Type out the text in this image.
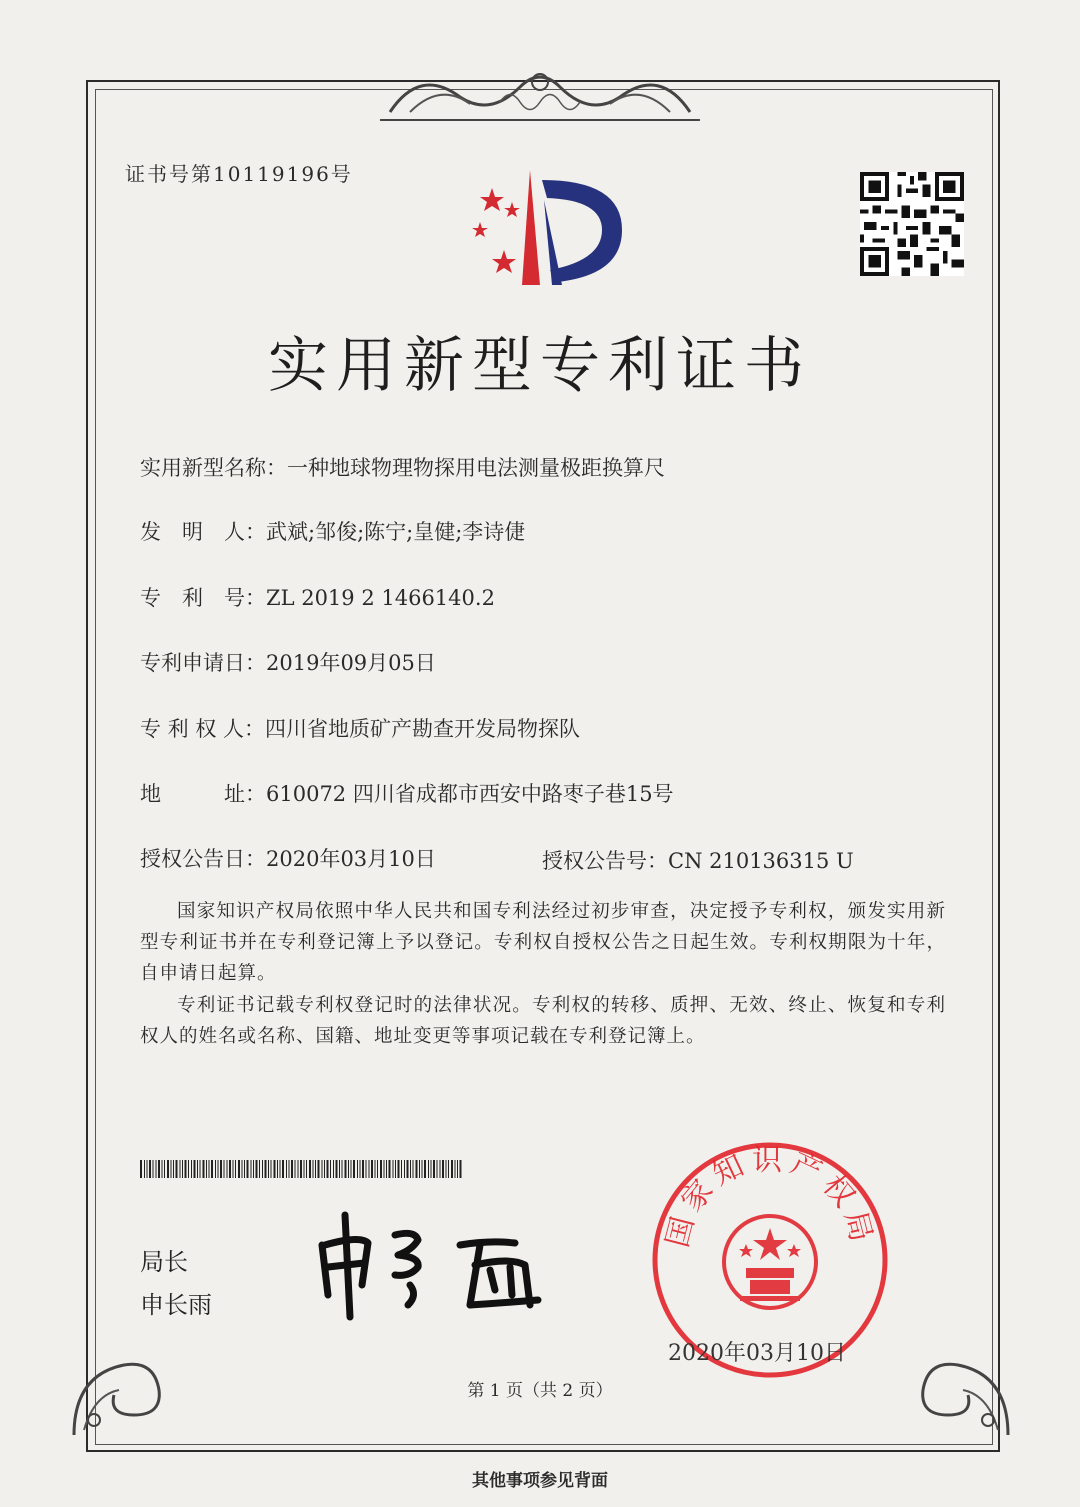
证书号第10119196号
实用新型专利证书
实用新型名称：一种地球物理物探用电法测量极距换算尺
发　明　人：武斌;邹俊;陈宁;皇健;李诗倢
专　利　号：ZL 2019 2 1466140.2
专利申请日：2019年09月05日
专 利 权 人：四川省地质矿产勘查开发局物探队
地　　　址：610072 四川省成都市西安中路枣子巷15号
授权公告日：2020年03月10日	授权公告号：CN 210136315 U
国家知识产权局依照中华人民共和国专利法经过初步审查，决定授予专利权，颁发实用新型专利证书并在专利登记簿上予以登记。专利权自授权公告之日起生效。专利权期限为十年，自申请日起算。
专利证书记载专利权登记时的法律状况。专利权的转移、质押、无效、终止、恢复和专利权人的姓名或名称、国籍、地址变更等事项记载在专利登记簿上。
局长
申长雨
国家知识产权局
2020年03月10日
第 1 页（共 2 页）
其他事项参见背面
